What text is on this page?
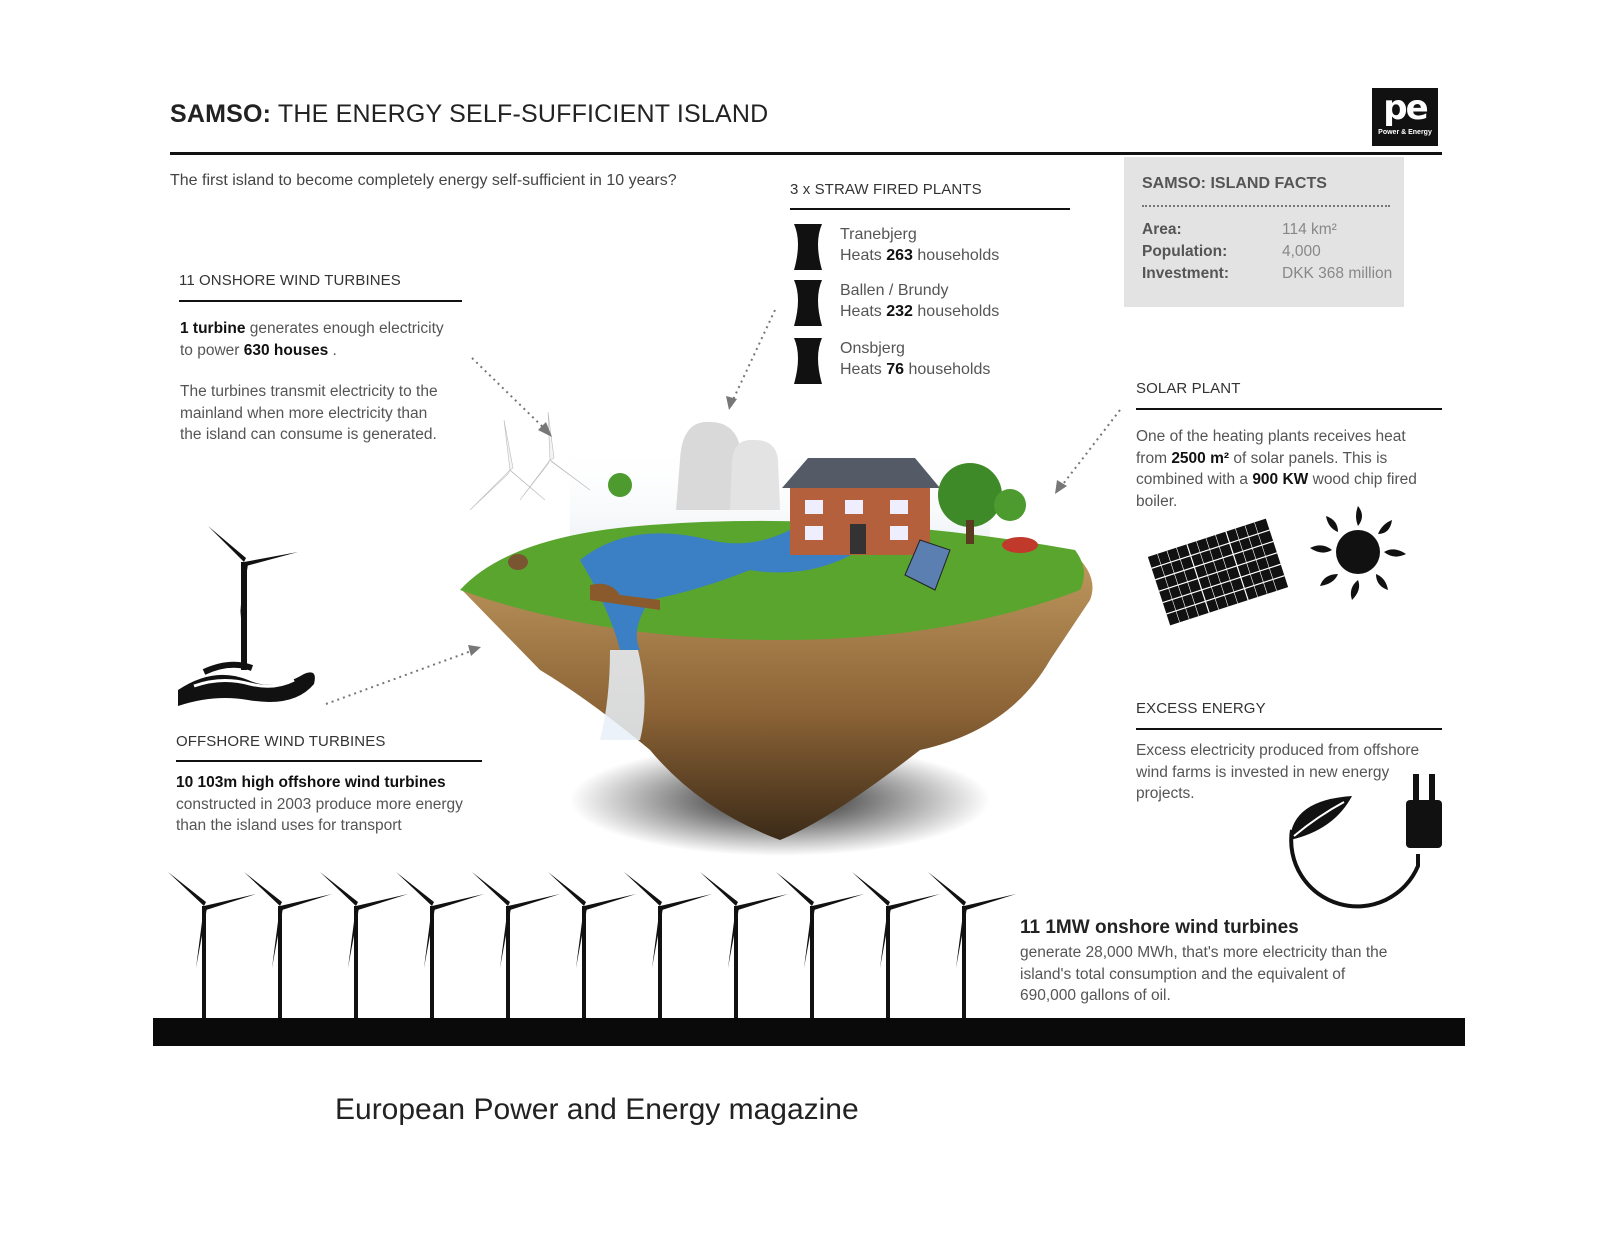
SAMSO: THE ENERGY SELF-SUFFICIENT ISLAND	pe
Power & Energy
The first island to become completely energy self-sufficient in 10 years?
11 ONSHORE WIND TURBINES
1 turbine generates enough electricity
to power 630 houses .
The turbines transmit electricity to the
mainland when more electricity than
the island can consume is generated.
3 x STRAW FIRED PLANTS
Tranebjerg
Heats 263 households
Ballen / Brundy
Heats 232 households
Onsbjerg
Heats 76 households
SAMSO: ISLAND FACTS
Area:	114 km²
Population:	4,000
Investment:	DKK 368 million
SOLAR PLANT
One of the heating plants receives heat
from 2500 m² of solar panels. This is
combined with a 900 KW wood chip fired
boiler.
EXCESS ENERGY
Excess electricity produced from offshore
wind farms is invested in new energy
projects.
OFFSHORE WIND TURBINES
10 103m high offshore wind turbines
constructed in 2003 produce more energy
than the island uses for transport
11 1MW onshore wind turbines
generate 28,000 MWh, that's more electricity than the
island's total consumption and the equivalent of
690,000 gallons of oil.
European Power and Energy magazine
